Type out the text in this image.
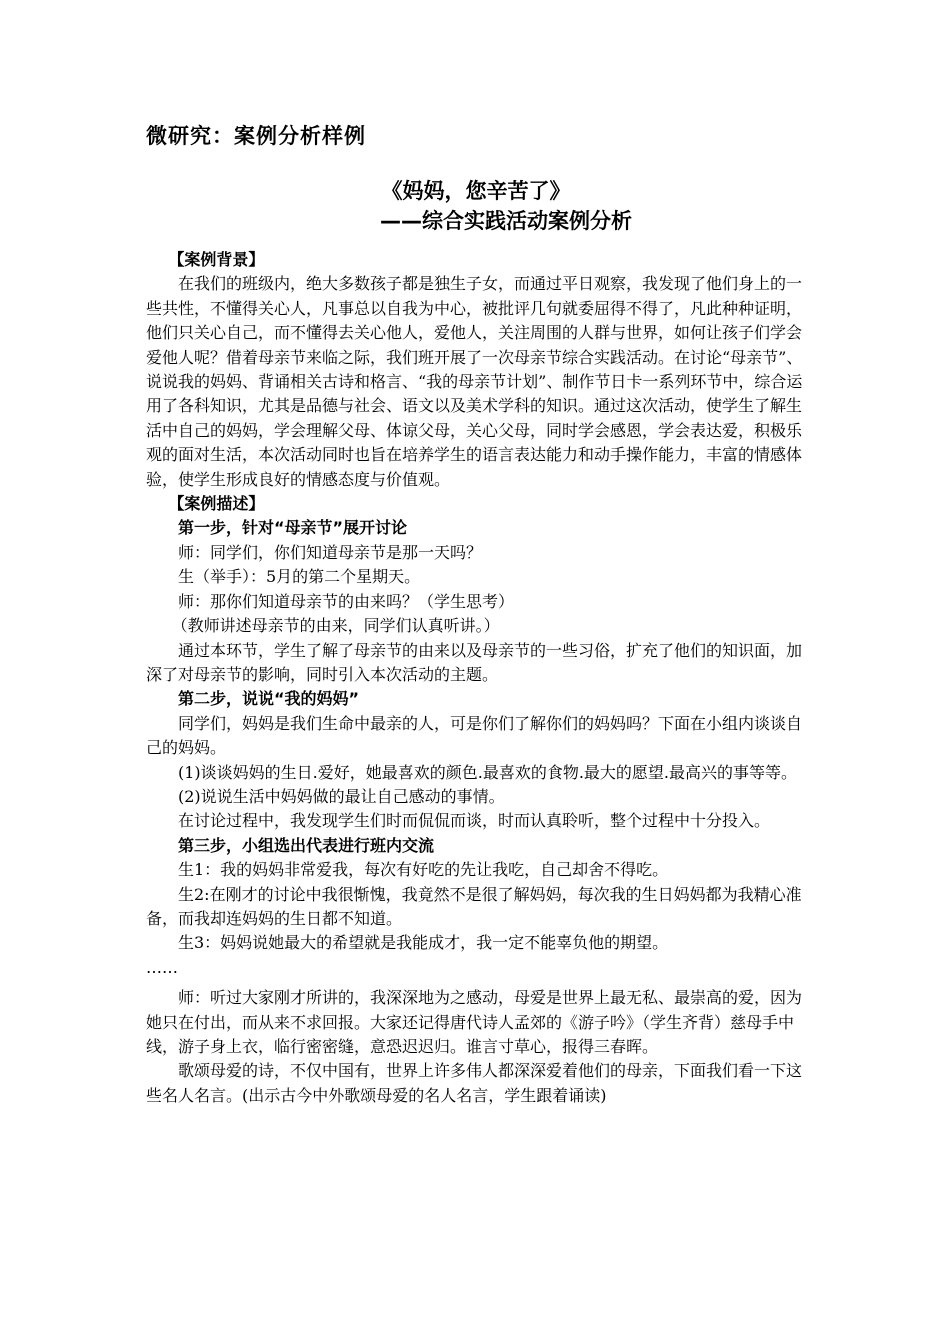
微研究：案例分析样例
《妈妈，您辛苦了》
——综合实践活动案例分析

【案例背景】

在我们的班级内，绝大多数孩子都是独生子女，而通过平日观察，我发现了他们身上的一些共性，不懂得关心人，凡事总以自我为中心，被批评几句就委屈得不得了，凡此种种证明，他们只关心自己，而不懂得去关心他人，爱他人，关注周围的人群与世界，如何让孩子们学会爱他人呢？借着母亲节来临之际，我们班开展了一次母亲节综合实践活动。在讨论“母亲节”、说说我的妈妈、背诵相关古诗和格言、“我的母亲节计划”、制作节日卡一系列环节中，综合运用了各科知识，尤其是品德与社会、语文以及美术学科的知识。通过这次活动，使学生了解生活中自己的妈妈，学会理解父母、体谅父母，关心父母，同时学会感恩，学会表达爱，积极乐观的面对生活，本次活动同时也旨在培养学生的语言表达能力和动手操作能力，丰富的情感体验，使学生形成良好的情感态度与价值观。

【案例描述】

第一步，针对“母亲节”展开讨论

师：同学们，你们知道母亲节是那一天吗？

生（举手）：5月的第二个星期天。

师：那你们知道母亲节的由来吗？（学生思考）

（教师讲述母亲节的由来，同学们认真听讲。）

通过本环节，学生了解了母亲节的由来以及母亲节的一些习俗，扩充了他们的知识面，加深了对母亲节的影响，同时引入本次活动的主题。

第二步，说说“我的妈妈”

同学们，妈妈是我们生命中最亲的人，可是你们了解你们的妈妈吗？下面在小组内谈谈自己的妈妈。

(1)谈谈妈妈的生日.爱好，她最喜欢的颜色.最喜欢的食物.最大的愿望.最高兴的事等等。

(2)说说生活中妈妈做的最让自己感动的事情。

在讨论过程中，我发现学生们时而侃侃而谈，时而认真聆听，整个过程中十分投入。

第三步，小组选出代表进行班内交流

生1：我的妈妈非常爱我，每次有好吃的先让我吃，自己却舍不得吃。

生2:在刚才的讨论中我很惭愧，我竟然不是很了解妈妈，每次我的生日妈妈都为我精心准备，而我却连妈妈的生日都不知道。

生3：妈妈说她最大的希望就是我能成才，我一定不能辜负他的期望。

……

师：听过大家刚才所讲的，我深深地为之感动，母爱是世界上最无私、最崇高的爱，因为她只在付出，而从来不求回报。大家还记得唐代诗人孟郊的《游子吟》（学生齐背）慈母手中线，游子身上衣，临行密密缝，意恐迟迟归。谁言寸草心，报得三春晖。

歌颂母爱的诗，不仅中国有，世界上许多伟人都深深爱着他们的母亲，下面我们看一下这些名人名言。(出示古今中外歌颂母爱的名人名言，学生跟着诵读)
